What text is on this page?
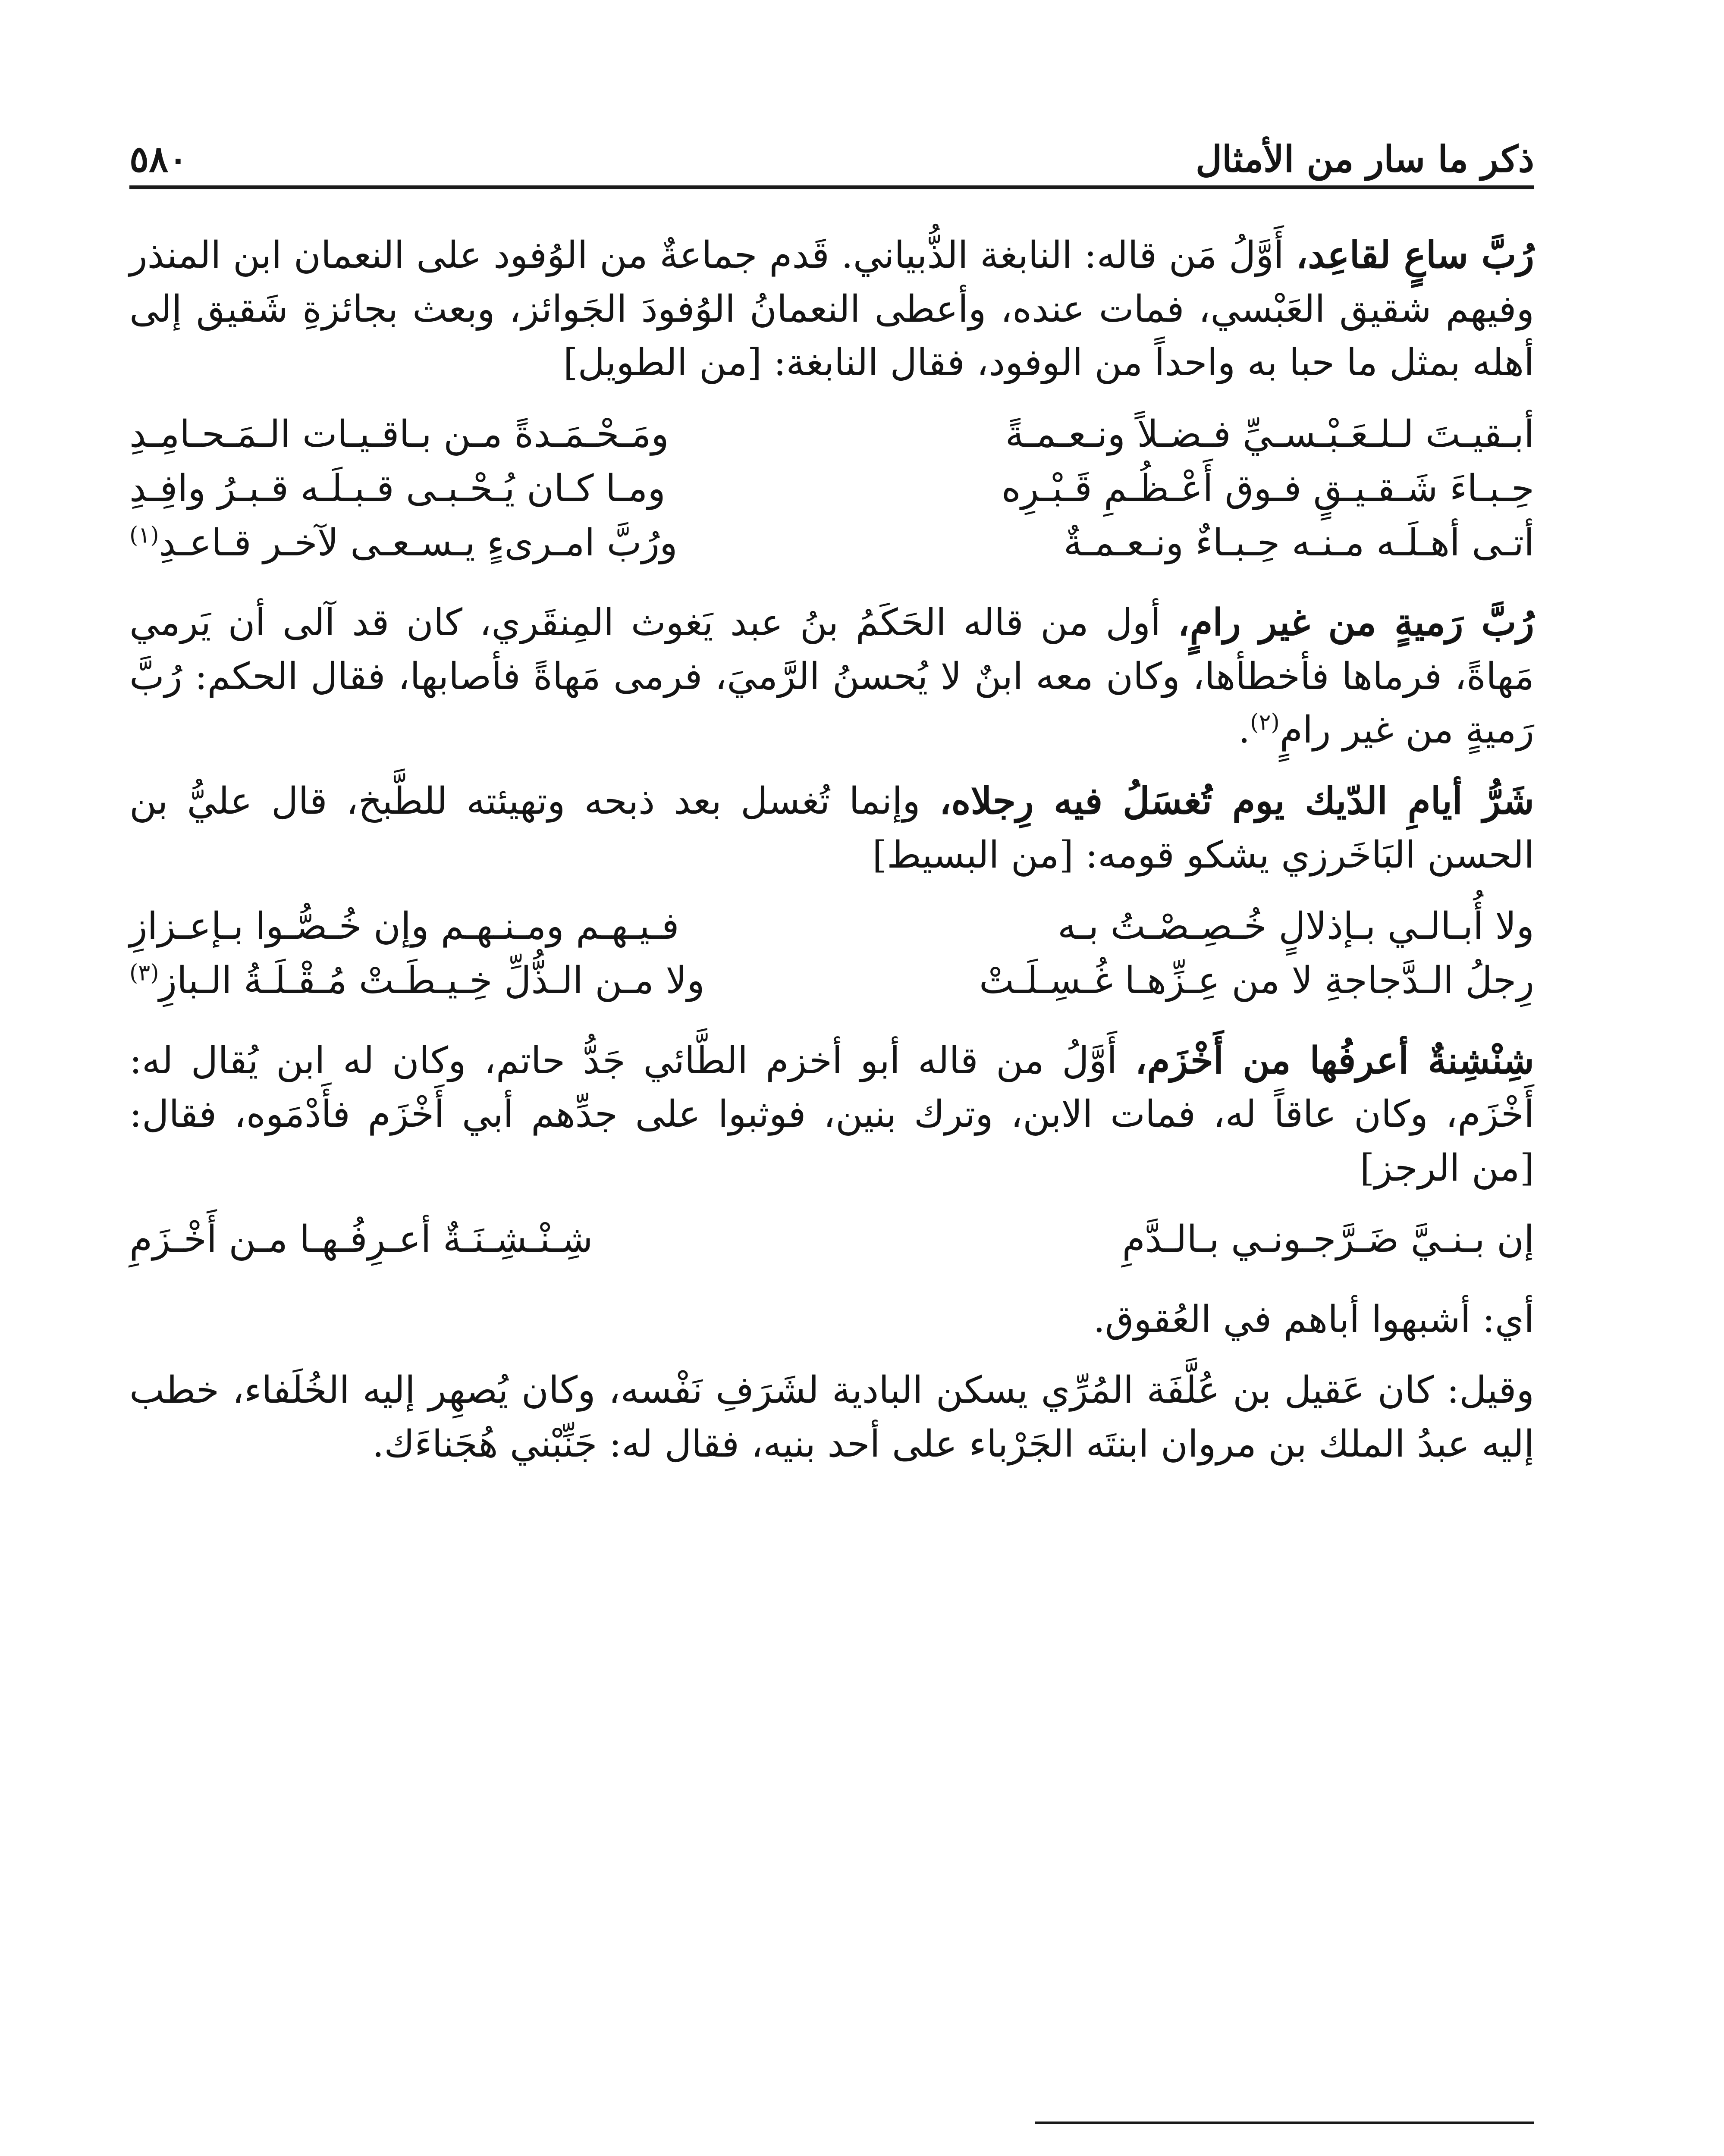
ذكر ما سار من الأمثال
٥٨٠

رُبَّ ساعٍ لقاعِد، أَوَّلُ مَن قاله: النابغة الذُّبياني. قَدم جماعةٌ من الوُفود على النعمان ابن المنذر وفيهم شقيق العَبْسي، فمات عنده، وأعطى النعمانُ الوُفودَ الجَوائز، وبعث بجائزةِ شَقيق إلى أهله بمثل ما حبا به واحداً من الوفود، فقال النابغة: [من الطويل]

أبـقيـتَ لـلـعَـبْـسـيِّ فـضـلاً ونـعـمـةً
ومَـحْـمَـدةً مـن بـاقـيـات الـمَـحـامِـدِ
حِـبـاءَ شَـقـيـقٍ فـوق أَعْـظُـمِ قَـبْـرِه
ومـا كـان يُـحْـبـى قـبـلَـه قـبـرُ وافِـدِ
أتـى أهـلَـه مـنـه حِـبـاءٌ ونـعـمـةٌ
ورُبَّ امـرىءٍ يـسـعـى لآخـر قـاعـدِ$^{(١)}$

رُبَّ رَميةٍ من غير رامٍ، أول من قاله الحَكَمُ بنُ عبد يَغوث المِنقَري، كان قد آلى أن يَرمي مَهاةً، فرماها فأخطأها، وكان معه ابنٌ لا يُحسنُ الرَّميَ، فرمى مَهاةً فأصابها، فقال الحكم: رُبَّ رَميةٍ من غير رامٍ$^{(٢)}$.

شَرُّ أيامِ الدّيك يوم تُغسَلُ فيه رِجلاه، وإنما تُغسل بعد ذبحه وتهيئته للطَّبخ، قال عليُّ بن الحسن البَاخَرزي يشكو قومه: [من البسيط]

ولا أُبـالـي بـإذلالٍ خُـصِـصْـتُ بـه
فـيـهـم ومـنـهـم وإن خُـصُّـوا بـإعـزازِ
رِجلُ الـدَّجاجةِ لا من عِـزِّهـا غُـسِـلَـتْ
ولا مـن الـذُّلِّ خِـيـطَـتْ مُـقْـلَـةُ الـبازِ$^{(٣)}$

شِنْشِنةٌ أعرفُها من أَخْزَم، أَوَّلُ من قاله أبو أخزم الطَّائي جَدُّ حاتم، وكان له ابن يُقال له: أَخْزَم، وكان عاقاً له، فمات الابن، وترك بنين، فوثبوا على جدِّهم أبي أَخْزَم فأَدْمَوه، فقال: [من الرجز]

إن بـنـيَّ ضَـرَّجـونـي بـالـدَّمِ
شِـنْـشِـنَـةٌ أعـرِفُـهـا مـن أَخْـزَمِ

أي: أشبهوا أباهم في العُقوق.

وقيل: كان عَقيل بن عُلَّفَة المُرِّي يسكن البادية لشَرَفِ نَفْسه، وكان يُصهِر إليه الخُلَفاء، خطب إليه عبدُ الملك بن مروان ابنتَه الجَرْباء على أحد بنيه، فقال له: جَنِّبْني هُجَناءَك.
